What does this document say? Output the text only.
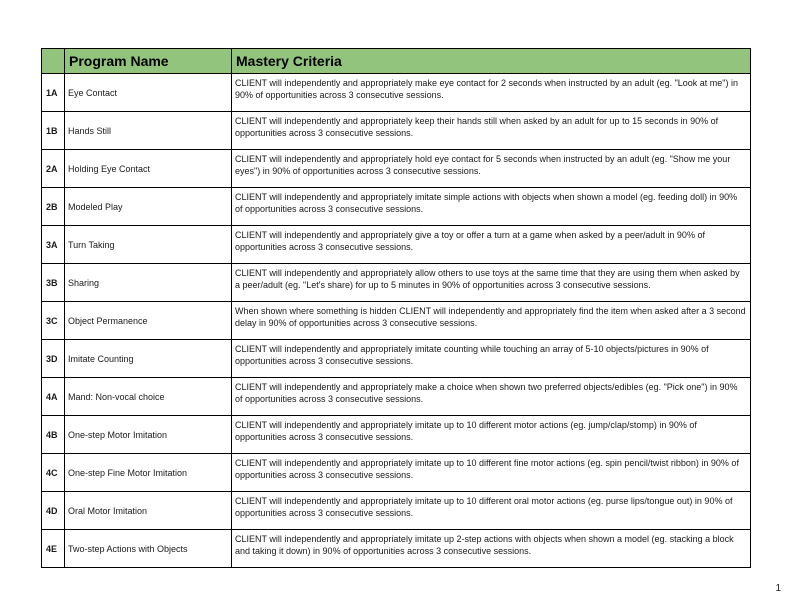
	Program Name	Mastery Criteria
1A	Eye Contact	CLIENT will independently and appropriately make eye contact for 2 seconds when instructed by an adult (eg. "Look at me") in 90% of opportunities across 3 consecutive sessions.
1B	Hands Still	CLIENT will independently and appropriately keep their hands still when asked by an adult for up to 15 seconds in 90% of opportunities across 3 consecutive sessions.
2A	Holding Eye Contact	CLIENT will independently and appropriately hold eye contact for 5 seconds when instructed by an adult (eg. "Show me your eyes") in 90% of opportunities across 3 consecutive sessions.
2B	Modeled Play	CLIENT will independently and appropriately imitate simple actions with objects when shown a model (eg. feeding doll) in 90% of opportunities across 3 consecutive sessions.
3A	Turn Taking	CLIENT will independently and appropriately give a toy or offer a turn at a game when asked by a peer/adult in 90% of opportunities across 3 consecutive sessions.
3B	Sharing	CLIENT will independently and appropriately allow others to use toys at the same time that they are using them when asked by a peer/adult (eg. "Let's share) for up to 5 minutes in 90% of opportunities across 3 consecutive sessions.
3C	Object Permanence	When shown where something is hidden CLIENT will independently and appropriately find the item when asked after a 3 second delay in 90% of opportunities across 3 consecutive sessions.
3D	Imitate Counting	CLIENT will independently and appropriately imitate counting while touching an array of 5-10 objects/pictures in 90% of opportunities across 3 consecutive sessions.
4A	Mand: Non-vocal choice	CLIENT will independently and appropriately make a choice when shown two preferred objects/edibles (eg. "Pick one") in 90% of opportunities across 3 consecutive sessions.
4B	One-step Motor Imitation	CLIENT will independently and appropriately imitate up to 10 different motor actions (eg. jump/clap/stomp) in 90% of opportunities across 3 consecutive sessions.
4C	One-step Fine Motor Imitation	CLIENT will independently and appropriately imitate up to 10 different fine motor actions (eg. spin pencil/twist ribbon) in 90% of opportunities across 3 consecutive sessions.
4D	Oral Motor Imitation	CLIENT will independently and appropriately imitate up to 10 different oral motor actions (eg. purse lips/tongue out) in 90% of opportunities across 3 consecutive sessions.
4E	Two-step Actions with Objects	CLIENT will independently and appropriately imitate up 2-step actions with objects when shown a model (eg. stacking a block and taking it down) in 90% of opportunities across 3 consecutive sessions.
1
